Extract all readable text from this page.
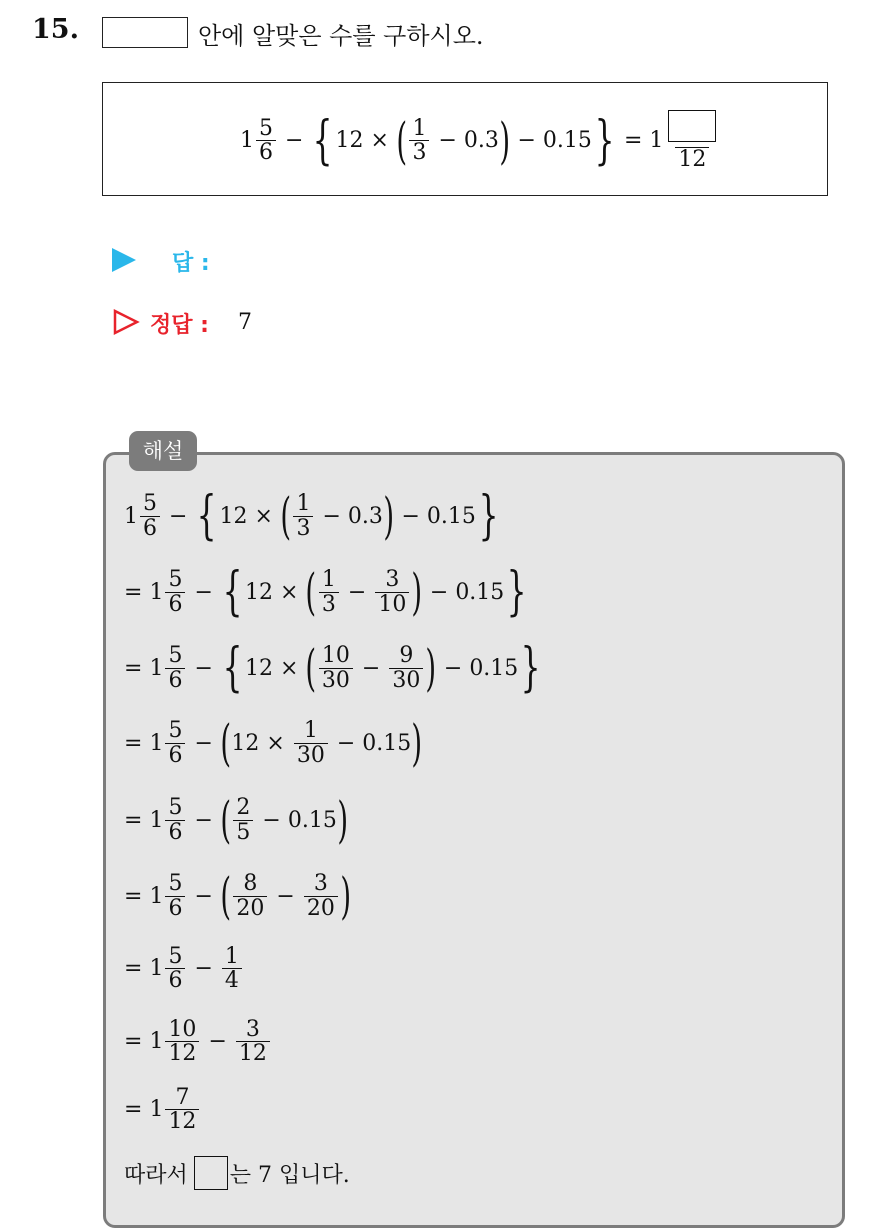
15.	안에 알맞은 수를 구하시오.
$1 \frac{5}{6}$ − { 12 × ( $\frac{1}{3} - 0.3$ ) − 0.15 } = 1
12
답 :
정답 : 7
해설
$1 \frac{5}{6}$ − { 12 × ( $\frac{1}{3} - 0.3$ ) − 0.15 }
= $1 \frac{5}{6}$ − { 12 × ( $\frac{1}{3} - \frac{3}{10}$ ) − 0.15 }
= $1 \frac{5}{6}$ − { 12 × ( $\frac{10}{30} - \frac{9}{30}$ ) − 0.15 }
= $1 \frac{5}{6}$ − ( $12 \times \frac{1}{30} - 0.15$ )
= $1 \frac{5}{6}$ − ( $\frac{2}{5} - 0.15$ )
= $1 \frac{5}{6}$ − ( $\frac{8}{20} - \frac{3}{20}$ )
= $1 \frac{5}{6} - \frac{1}{4}$
= $1 \frac{10}{12} - \frac{3}{12}$
= $1 \frac{7}{12}$
따라서 는 7 입니다.
